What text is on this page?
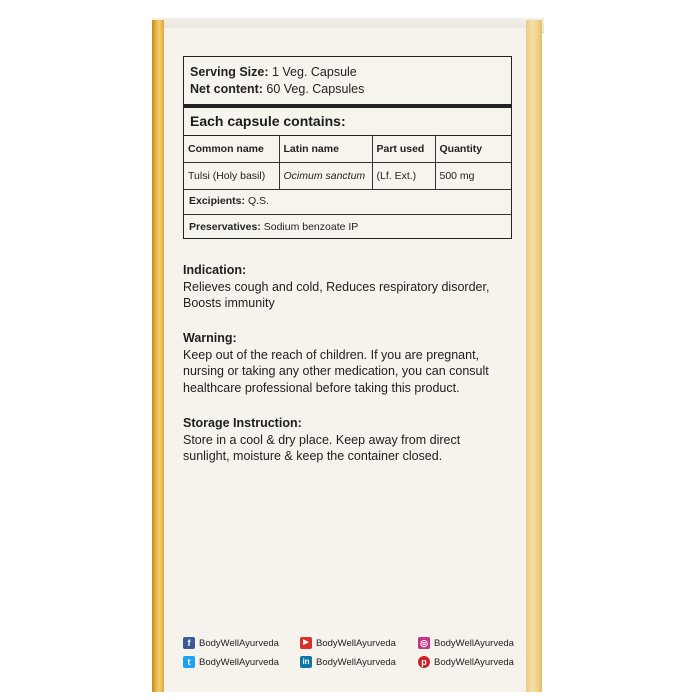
Serving Size: 1 Veg. Capsule
Net content: 60 Veg. Capsules
Each capsule contains:
Common name	Latin name	Part used	Quantity
Tulsi (Holy basil)	Ocimum sanctum	(Lf. Ext.)	500 mg
Excipients: Q.S.
Preservatives: Sodium benzoate IP
Indication:
Relieves cough and cold, Reduces respiratory disorder,
Boosts immunity
Warning:
Keep out of the reach of children. If you are pregnant,
nursing or taking any other medication, you can consult
healthcare professional before taking this product.
Storage Instruction:
Store in a cool & dry place. Keep away from direct
sunlight, moisture & keep the container closed.
f BodyWellAyurveda	▶ BodyWellAyurveda	◎ BodyWellAyurveda
t BodyWellAyurveda	in BodyWellAyurveda	p BodyWellAyurveda
